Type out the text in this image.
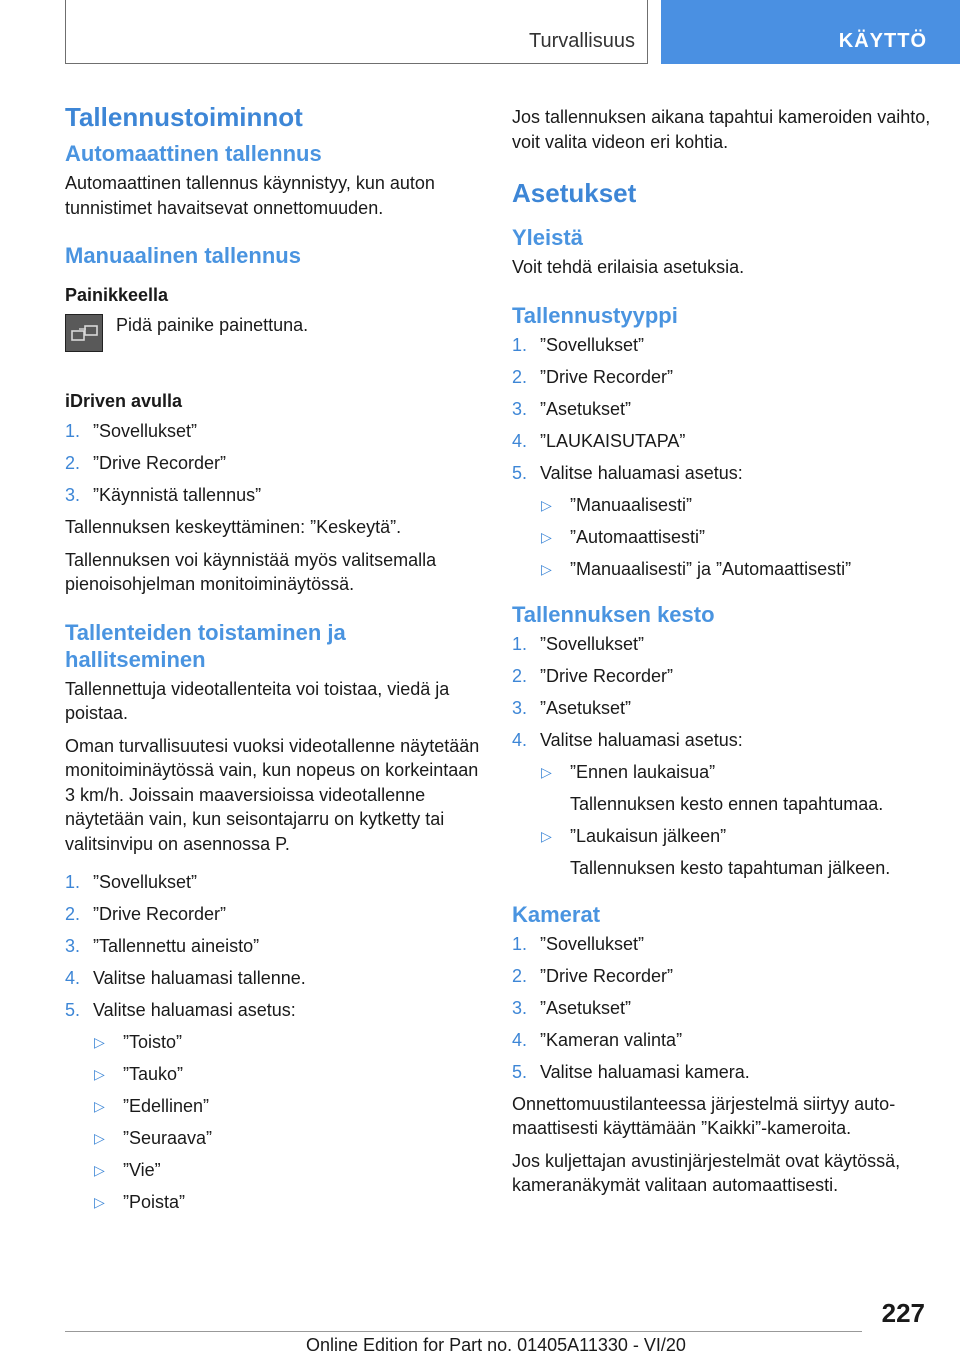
Turvallisuus	KÄYTTÖ
Tallennustoiminnot
Automaattinen tallennus

Automaattinen tallennus käynnistyy, kun auton tunnistimet havaitsevat onnettomuuden.

Manuaalinen tallennus
Painikkeella
Pidä painike painettuna.
iDriven avulla
1. ”Sovellukset”
2. ”Drive Recorder”
3. ”Käynnistä tallennus”

Tallennuksen keskeyttäminen: ”Keskeytä”.

Tallennuksen voi käynnistää myös valitsemalla pienoisohjelman monitoiminäytössä.

Tallenteiden toistaminen ja hallitseminen

Tallennettuja videotallenteita voi toistaa, viedä ja poistaa.

Oman turvallisuutesi vuoksi videotallenne näytetään monitoiminäytössä vain, kun nopeus on korkeintaan 3 km/h. Joissain maaversioissa videotallenne näytetään vain, kun seisontajarru on kytketty tai valitsinvipu on asennossa P.

1. ”Sovellukset”
2. ”Drive Recorder”
3. ”Tallennettu aineisto”
4. Valitse haluamasi tallenne.
5. Valitse haluamasi asetus:
▷ ”Toisto”
▷ ”Tauko”
▷ ”Edellinen”
▷ ”Seuraava”
▷ ”Vie”
▷ ”Poista”

Jos tallennuksen aikana tapahtui kameroiden vaihto, voit valita videon eri kohtia.

Asetukset
Yleistä

Voit tehdä erilaisia asetuksia.

Tallennustyyppi
1. ”Sovellukset”
2. ”Drive Recorder”
3. ”Asetukset”
4. ”LAUKAISUTAPA”
5. Valitse haluamasi asetus:
▷ ”Manuaalisesti”
▷ ”Automaattisesti”
▷ ”Manuaalisesti” ja ”Automaattisesti”
Tallennuksen kesto
1. ”Sovellukset”
2. ”Drive Recorder”
3. ”Asetukset”
4. Valitse haluamasi asetus:
▷ ”Ennen laukaisua”
Tallennuksen kesto ennen tapahtumaa.
▷ ”Laukaisun jälkeen”
Tallennuksen kesto tapahtuman jälkeen.
Kamerat
1. ”Sovellukset”
2. ”Drive Recorder”
3. ”Asetukset”
4. ”Kameran valinta”
5. Valitse haluamasi kamera.

Onnettomuustilanteessa järjestelmä siirtyy automaattisesti käyttämään ”Kaikki”-kameroita.

Jos kuljettajan avustinjärjestelmät ovat käytössä, kameranäkymät valitaan automaattisesti.

227
Online Edition for Part no. 01405A11330 - VI/20
